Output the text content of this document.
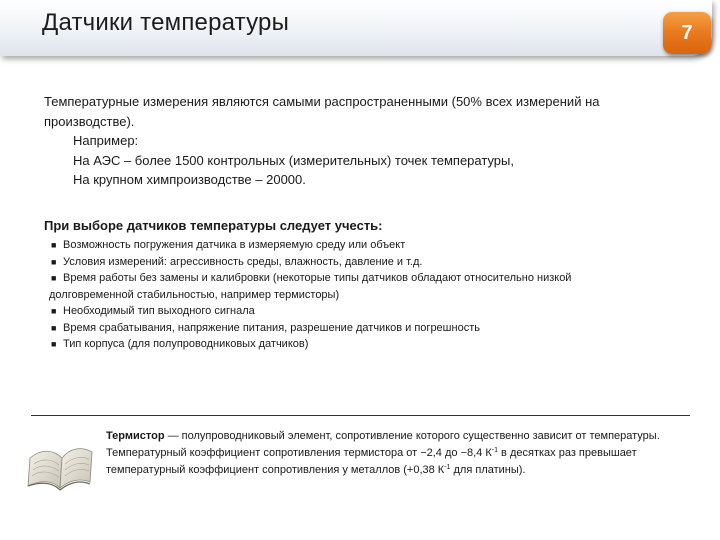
Датчики температуры	7
Температурные измерения являются самыми распространенными (50% всех измерений на производстве).
Например:
На АЭС – более 1500 контрольных (измерительных) точек температуры,
На крупном химпроизводстве – 20000.
При выборе датчиков температуры следует учесть:
■ Возможность погружения датчика в измеряемую среду или объект
■ Условия измерений: агрессивность среды, влажность, давление и т.д.
■ Время работы без замены и калибровки (некоторые типы датчиков обладают относительно низкой
долговременной стабильностью, например термисторы)
■ Необходимый тип выходного сигнала
■ Время срабатывания, напряжение питания, разрешение датчиков и погрешность
■ Тип корпуса (для полупроводниковых датчиков)
Термистор — полупроводниковый элемент, сопротивление которого существенно зависит от температуры. Температурный коэффициент сопротивления термистора от −2,4 до −8,4 $К^{-1}$ в десятках раз превышает температурный коэффициент сопротивления у металлов (+0,38 $К^{-1}$ для платины).
